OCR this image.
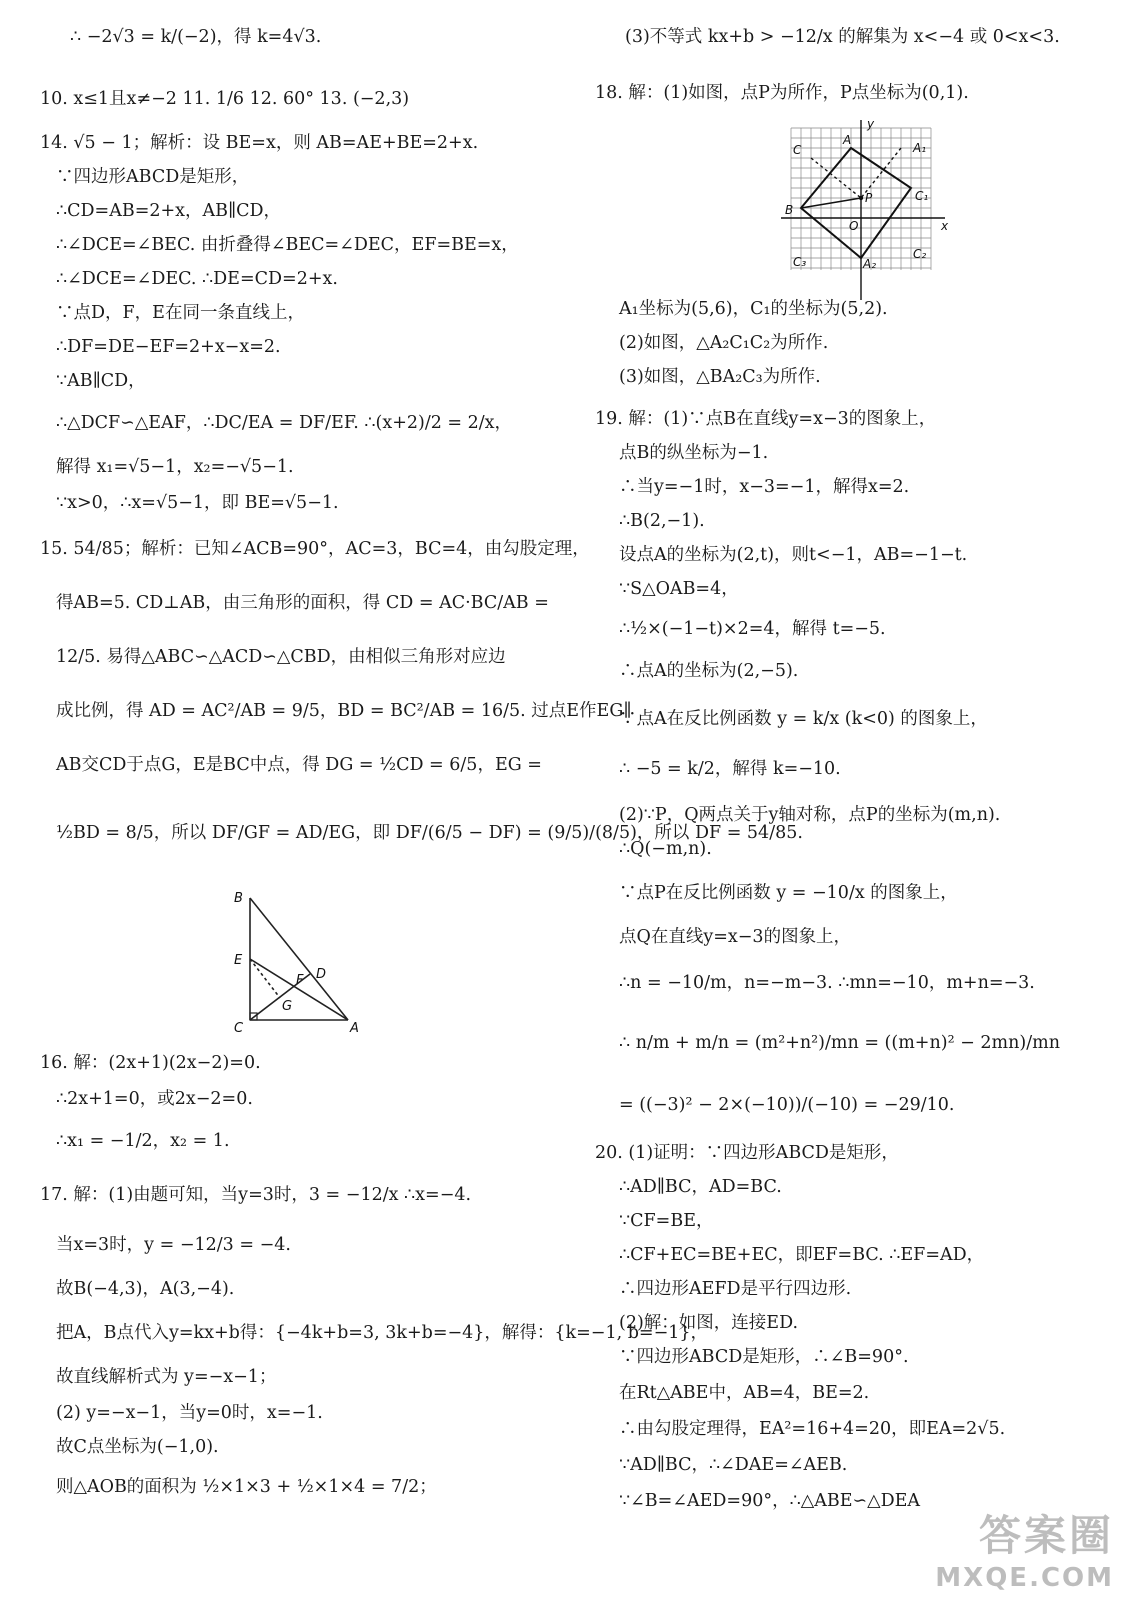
∴ −2√3 = k/(−2)，得 k=4√3.
10. x≤1且x≠−2 11. 1/6 12. 60° 13. (−2,3)
14. √5 − 1；解析：设 BE=x，则 AB=AE+BE=2+x.
∵四边形ABCD是矩形，
∴CD=AB=2+x，AB∥CD，
∴∠DCE=∠BEC. 由折叠得∠BEC=∠DEC，EF=BE=x，
∴∠DCE=∠DEC. ∴DE=CD=2+x.
∵点D，F，E在同一条直线上，
∴DF=DE−EF=2+x−x=2.
∵AB∥CD，
∴△DCF∽△EAF，∴DC/EA = DF/EF. ∴(x+2)/2 = 2/x，
解得 x₁=√5−1，x₂=−√5−1.
∵x>0，∴x=√5−1，即 BE=√5−1.
15. 54/85；解析：已知∠ACB=90°，AC=3，BC=4，由勾股定理，
得AB=5. CD⊥AB，由三角形的面积，得 CD = AC·BC/AB =
12/5. 易得△ABC∽△ACD∽△CBD，由相似三角形对应边
成比例，得 AD = AC²/AB = 9/5，BD = BC²/AB = 16/5. 过点E作EG∥
AB交CD于点G，E是BC中点，得 DG = ½CD = 6/5，EG =
½BD = 8/5，所以 DF/GF = AD/EG，即 DF/(6/5 − DF) = (9/5)/(8/5)，所以 DF = 54/85.
B
E
F D
G
C	A
16. 解：(2x+1)(2x−2)=0.
∴2x+1=0，或2x−2=0.
∴x₁ = −1/2，x₂ = 1.
17. 解：(1)由题可知，当y=3时，3 = −12/x ∴x=−4.
当x=3时，y = −12/3 = −4.
故B(−4,3)，A(3,−4).
把A，B点代入y=kx+b得：{−4k+b=3, 3k+b=−4}，解得：{k=−1, b=−1}，
故直线解析式为 y=−x−1；
(2) y=−x−1，当y=0时，x=−1.
故C点坐标为(−1,0).
则△AOB的面积为 ½×1×3 + ½×1×4 = 7/2；
(3)不等式 kx+b > −12/x 的解集为 x<−4 或 0<x<3.
18. 解：(1)如图，点P为所作，P点坐标为(0,1).
C
A
A₁
C₁
B
P
O	x
y
C₃	A₂
C₂
A₁坐标为(5,6)，C₁的坐标为(5,2).
(2)如图，△A₂C₁C₂为所作.
(3)如图，△BA₂C₃为所作.
19. 解：(1)∵点B在直线y=x−3的图象上，
点B的纵坐标为−1.
∴当y=−1时，x−3=−1，解得x=2.
∴B(2,−1).
设点A的坐标为(2,t)，则t<−1，AB=−1−t.
∵S△OAB=4，
∴½×(−1−t)×2=4，解得 t=−5.
∴点A的坐标为(2,−5).
∵点A在反比例函数 y = k/x (k<0) 的图象上，
∴ −5 = k/2，解得 k=−10.
(2)∵P，Q两点关于y轴对称，点P的坐标为(m,n).
∴Q(−m,n).
∵点P在反比例函数 y = −10/x 的图象上，
点Q在直线y=x−3的图象上，
∴n = −10/m，n=−m−3. ∴mn=−10，m+n=−3.
∴ n/m + m/n = (m²+n²)/mn = ((m+n)² − 2mn)/mn
= ((−3)² − 2×(−10))/(−10) = −29/10.
20. (1)证明：∵四边形ABCD是矩形，
∴AD∥BC，AD=BC.
∵CF=BE，
∴CF+EC=BE+EC，即EF=BC. ∴EF=AD，
∴四边形AEFD是平行四边形.
(2)解：如图，连接ED.
∵四边形ABCD是矩形，∴∠B=90°.
在Rt△ABE中，AB=4，BE=2.
∴由勾股定理得，EA²=16+4=20，即EA=2√5.
∵AD∥BC，∴∠DAE=∠AEB.
∵∠B=∠AED=90°，∴△ABE∽△DEA
答案圈
MXQE.COM
